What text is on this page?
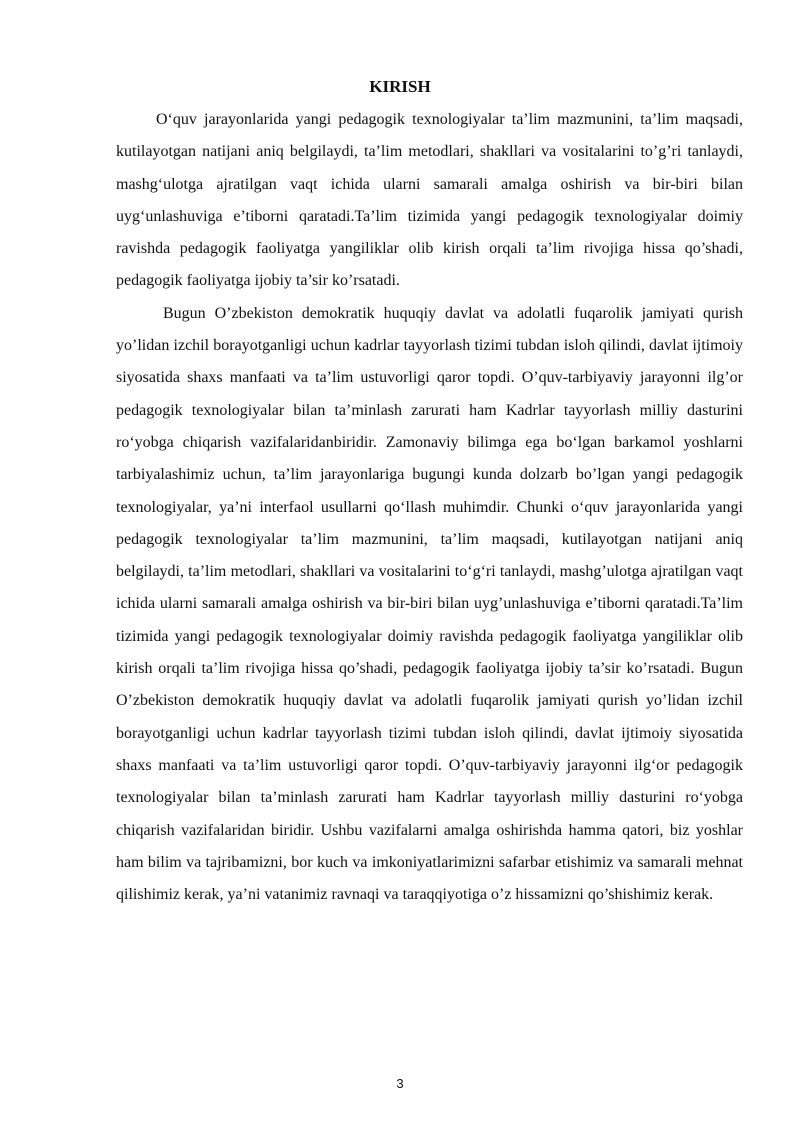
KIRISH

O‘quv jarayonlarida yangi pedagogik texnologiyalar ta’lim mazmunini, ta’lim maqsadi, kutilayotgan natijani aniq belgilaydi, ta’lim metodlari, shakllari va vositalarini to’g’ri tanlaydi, mashg‘ulotga ajratilgan vaqt ichida ularni samarali amalga oshirish va bir-biri bilan uyg‘unlashuviga e’tiborni qaratadi.Ta’lim tizimida yangi pedagogik texnologiyalar doimiy ravishda pedagogik faoliyatga yangiliklar olib kirish orqali ta’lim rivojiga hissa qo’shadi, pedagogik faoliyatga ijobiy ta’sir ko’rsatadi.

Bugun O’zbekiston demokratik huquqiy davlat va adolatli fuqarolik jamiyati qurish yo’lidan izchil borayotganligi uchun kadrlar tayyorlash tizimi tubdan isloh qilindi, davlat ijtimoiy siyosatida shaxs manfaati va ta’lim ustuvorligi qaror topdi. O’quv-tarbiyaviy jarayonni ilg’or pedagogik texnologiyalar bilan ta’minlash zarurati ham Kadrlar tayyorlash milliy dasturini ro‘yobga chiqarish vazifalaridanbiridir. Zamonaviy bilimga ega bo‘lgan barkamol yoshlarni tarbiyalashimiz uchun, ta’lim jarayonlariga bugungi kunda dolzarb bo’lgan yangi pedagogik texnologiyalar, ya’ni interfaol usullarni qo‘llash muhimdir. Chunki o‘quv jarayonlarida yangi pedagogik texnologiyalar ta’lim mazmunini, ta’lim maqsadi, kutilayotgan natijani aniq belgilaydi, ta’lim metodlari, shakllari va vositalarini to‘g‘ri tanlaydi, mashg’ulotga ajratilgan vaqt ichida ularni samarali amalga oshirish va bir-biri bilan uyg’unlashuviga e’tiborni qaratadi.Ta’lim tizimida yangi pedagogik texnologiyalar doimiy ravishda pedagogik faoliyatga yangiliklar olib kirish orqali ta’lim rivojiga hissa qo’shadi, pedagogik faoliyatga ijobiy ta’sir ko’rsatadi. Bugun O’zbekiston demokratik huquqiy davlat va adolatli fuqarolik jamiyati qurish yo’lidan izchil borayotganligi uchun kadrlar tayyorlash tizimi tubdan isloh qilindi, davlat ijtimoiy siyosatida shaxs manfaati va ta’lim ustuvorligi qaror topdi. O’quv-tarbiyaviy jarayonni ilg‘or pedagogik texnologiyalar bilan ta’minlash zarurati ham Kadrlar tayyorlash milliy dasturini ro‘yobga chiqarish vazifalaridan biridir. Ushbu vazifalarni amalga oshirishda hamma qatori, biz yoshlar ham bilim va tajribamizni, bor kuch va imkoniyatlarimizni safarbar etishimiz va samarali mehnat qilishimiz kerak, ya’ni vatanimiz ravnaqi va taraqqiyotiga o’z hissamizni qo’shishimiz kerak.

3
